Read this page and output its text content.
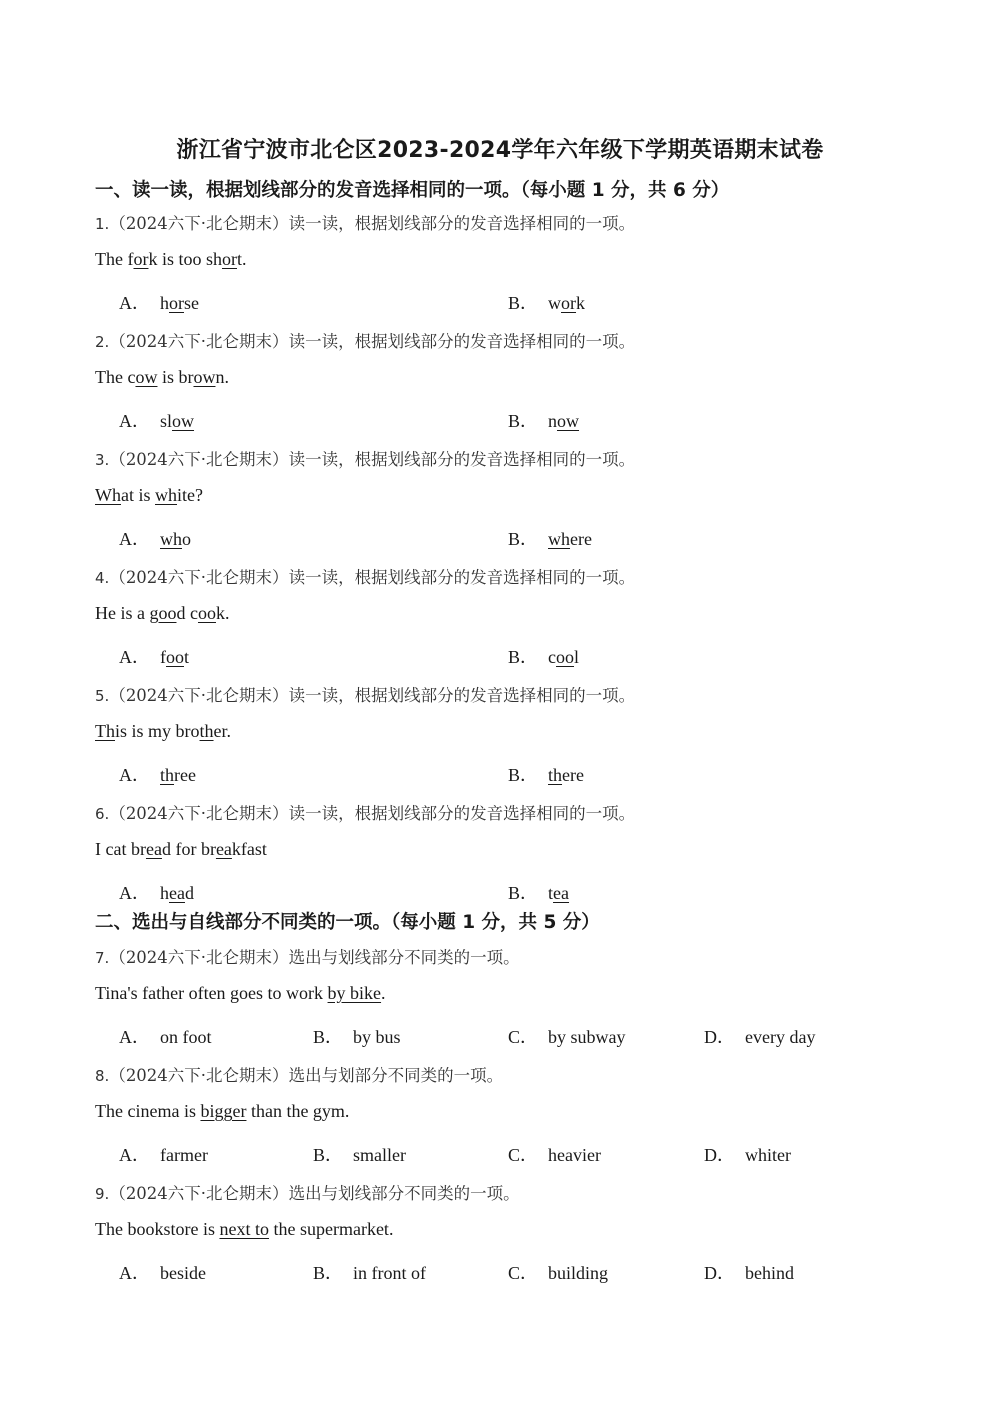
浙江省宁波市北仑区2023-2024学年六年级下学期英语期末试卷
一、读一读，根据划线部分的发音选择相同的一项。（每小题 1 分，共 6 分）
二、选出与自线部分不同类的一项。（每小题 1 分，共 5 分）
1.（2024六下·北仑期末）读一读，根据划线部分的发音选择相同的一项。
The fork is too short.
A． horse	B． work
2.（2024六下·北仑期末）读一读，根据划线部分的发音选择相同的一项。
The cow is brown.
A． slow	B． now
3.（2024六下·北仑期末）读一读，根据划线部分的发音选择相同的一项。
What is white?
A． who	B． where
4.（2024六下·北仑期末）读一读，根据划线部分的发音选择相同的一项。
He is a good cook.
A． foot	B． cool
5.（2024六下·北仑期末）读一读，根据划线部分的发音选择相同的一项。
This is my brother.
A． three	B． there
6.（2024六下·北仑期末）读一读，根据划线部分的发音选择相同的一项。
I cat bread for breakfast
A． head	B． tea
7.（2024六下·北仑期末）选出与划线部分不同类的一项。
Tina's father often goes to work by bike.
A． on foot	B． by bus	C． by subway	D． every day
8.（2024六下·北仑期末）选出与划部分不同类的一项。
The cinema is bigger than the gym.
A． farmer	B． smaller	C． heavier	D． whiter
9.（2024六下·北仑期末）选出与划线部分不同类的一项。
The bookstore is next to the supermarket.
A． beside	B． in front of	C． building	D． behind
